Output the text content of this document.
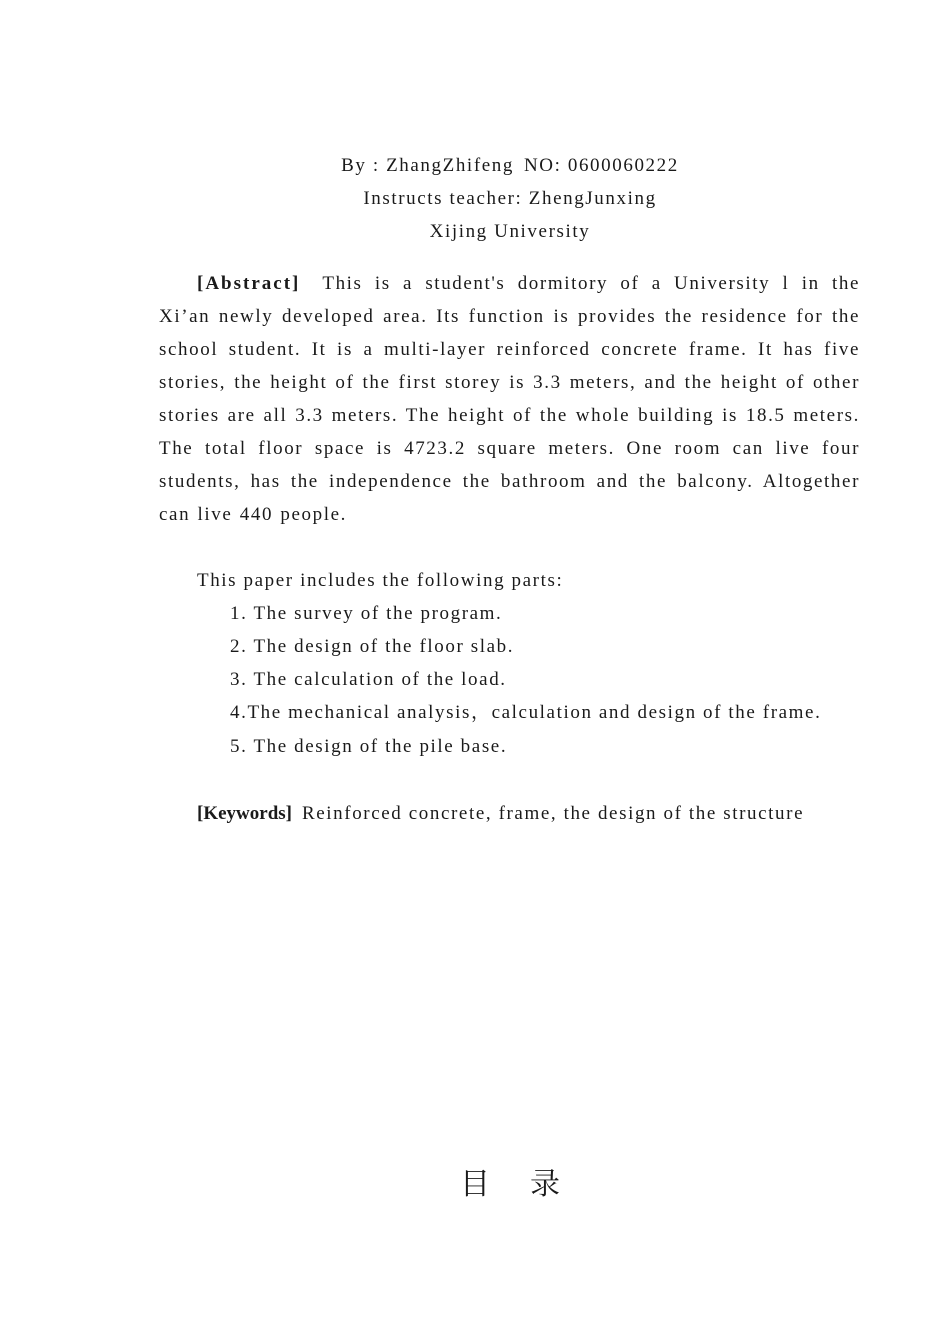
By : ZhangZhifeng NO: 0600060222
Instructs teacher: ZhengJunxing
Xijing University

[Abstract] This is a student's dormitory of a University l in the Xi’an newly developed area. Its function is provides the residence for the school student. It is a multi-layer reinforced concrete frame. It has five stories, the height of the first storey is 3.3 meters, and the height of other stories are all 3.3 meters. The height of the whole building is 18.5 meters. The total floor space is 4723.2 square meters. One room can live four students, has the independence the bathroom and the balcony. Altogether can live 440 people.

This paper includes the following parts:
1. The survey of the program.
2. The design of the floor slab.
3. The calculation of the load.
4.The mechanical analysis，calculation and design of the frame.
5. The design of the pile base.
[Keywords] Reinforced concrete, frame, the design of the structure
目录
